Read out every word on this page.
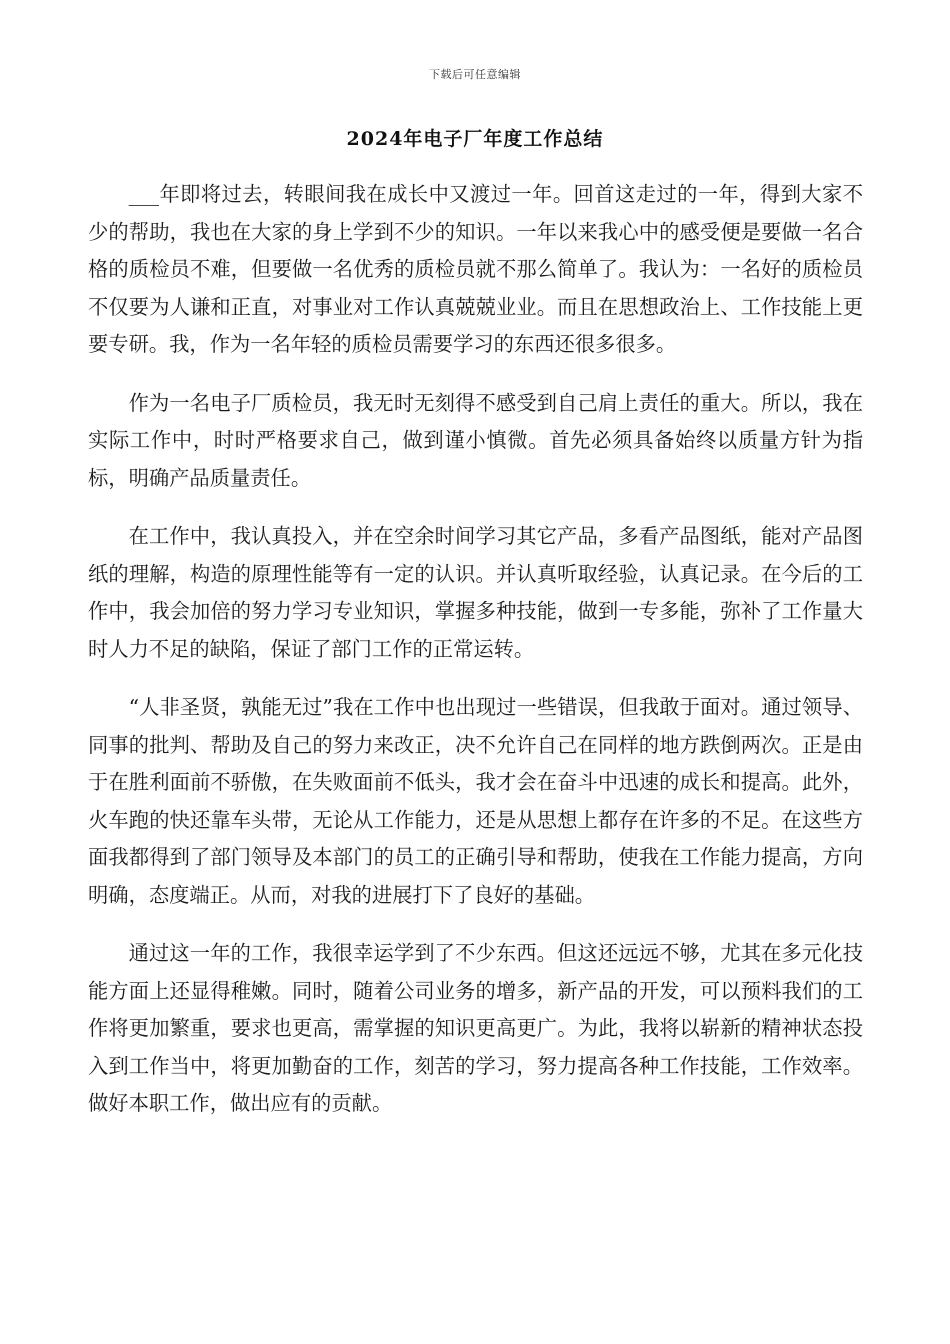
下载后可任意编辑
2024年电子厂年度工作总结

___年即将过去，转眼间我在成长中又渡过一年。回首这走过的一年，得到大家不少的帮助，我也在大家的身上学到不少的知识。一年以来我心中的感受便是要做一名合格的质检员不难，但要做一名优秀的质检员就不那么简单了。我认为：一名好的质检员不仅要为人谦和正直，对事业对工作认真兢兢业业。而且在思想政治上、工作技能上更要专研。我，作为一名年轻的质检员需要学习的东西还很多很多。

作为一名电子厂质检员，我无时无刻得不感受到自己肩上责任的重大。所以，我在实际工作中，时时严格要求自己，做到谨小慎微。首先必须具备始终以质量方针为指标，明确产品质量责任。

在工作中，我认真投入，并在空余时间学习其它产品，多看产品图纸，能对产品图纸的理解，构造的原理性能等有一定的认识。并认真听取经验，认真记录。在今后的工作中，我会加倍的努力学习专业知识，掌握多种技能，做到一专多能，弥补了工作量大时人力不足的缺陷，保证了部门工作的正常运转。

“人非圣贤，孰能无过”我在工作中也出现过一些错误，但我敢于面对。通过领导、同事的批判、帮助及自己的努力来改正，决不允许自己在同样的地方跌倒两次。正是由于在胜利面前不骄傲，在失败面前不低头，我才会在奋斗中迅速的成长和提高。此外，火车跑的快还靠车头带，无论从工作能力，还是从思想上都存在许多的不足。在这些方面我都得到了部门领导及本部门的员工的正确引导和帮助，使我在工作能力提高，方向明确，态度端正。从而，对我的进展打下了良好的基础。

通过这一年的工作，我很幸运学到了不少东西。但这还远远不够，尤其在多元化技能方面上还显得稚嫩。同时，随着公司业务的增多，新产品的开发，可以预料我们的工作将更加繁重，要求也更高，需掌握的知识更高更广。为此，我将以崭新的精神状态投入到工作当中，将更加勤奋的工作，刻苦的学习，努力提高各种工作技能，工作效率。做好本职工作，做出应有的贡献。
